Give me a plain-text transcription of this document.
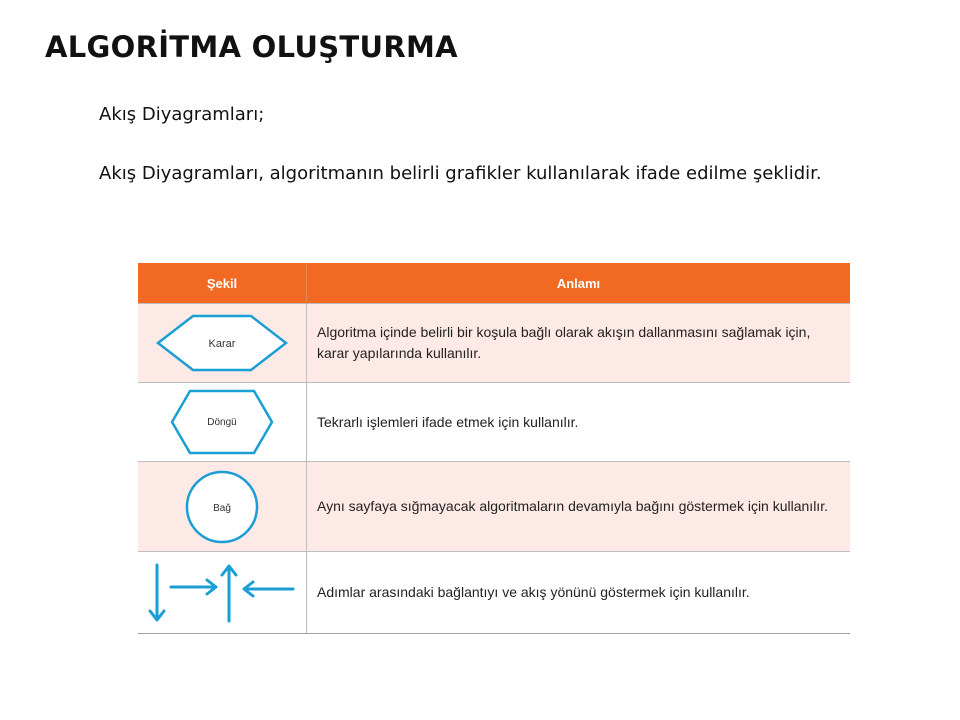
ALGORİTMA OLUŞTURMA
Akış Diyagramları;
Akış Diyagramları, algoritmanın belirli grafikler kullanılarak ifade edilme şeklidir.
Şekil	Anlamı

Karar	Algoritma içinde belirli bir koşula bağlı olarak akışın dallanmasını sağlamak için, karar yapılarında kullanılır.

Döngü	Tekrarlı işlemleri ifade etmek için kullanılır.

Bağ	Aynı sayfaya sığmayacak algoritmaların devamıyla bağını göstermek için kullanılır.

	Adımlar arasındaki bağlantıyı ve akış yönünü göstermek için kullanılır.
